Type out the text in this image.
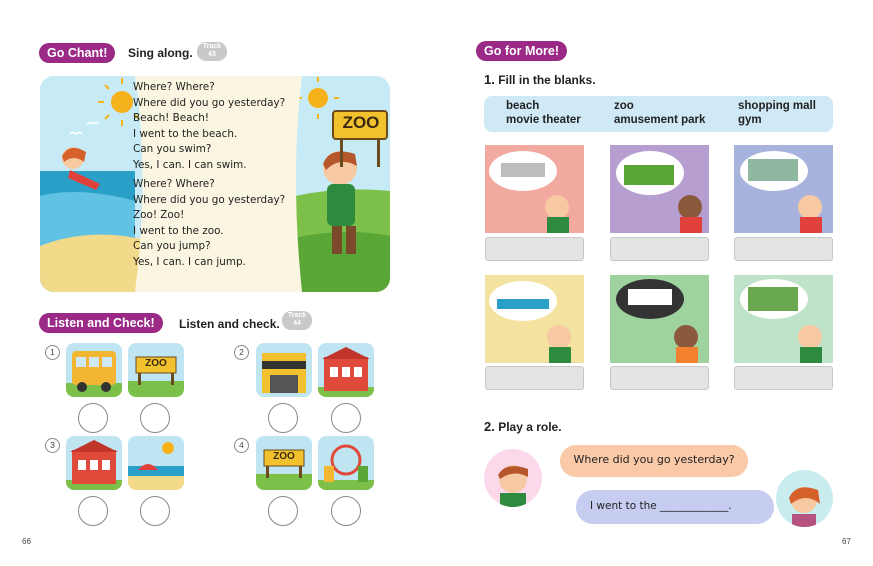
Go Chant!	Sing along.	Track
43
ZOO
Where? Where?
Where did you go yesterday?
Beach! Beach!
I went to the beach.
Can you swim?
Yes, I can. I can swim.
Where? Where?
Where did you go yesterday?
Zoo! Zoo!
I went to the zoo.
Can you jump?
Yes, I can. I can jump.
Listen and Check!	Listen and check.
Track
44
1
ZOO
2
3	4
ZOO
66
Go for More!
1. Fill in the blanks.
beach	zoo	shopping mall
movie theater	amusement park	gym
2. Play a role.
Where did you go yesterday?
I went to the _____________.
67
